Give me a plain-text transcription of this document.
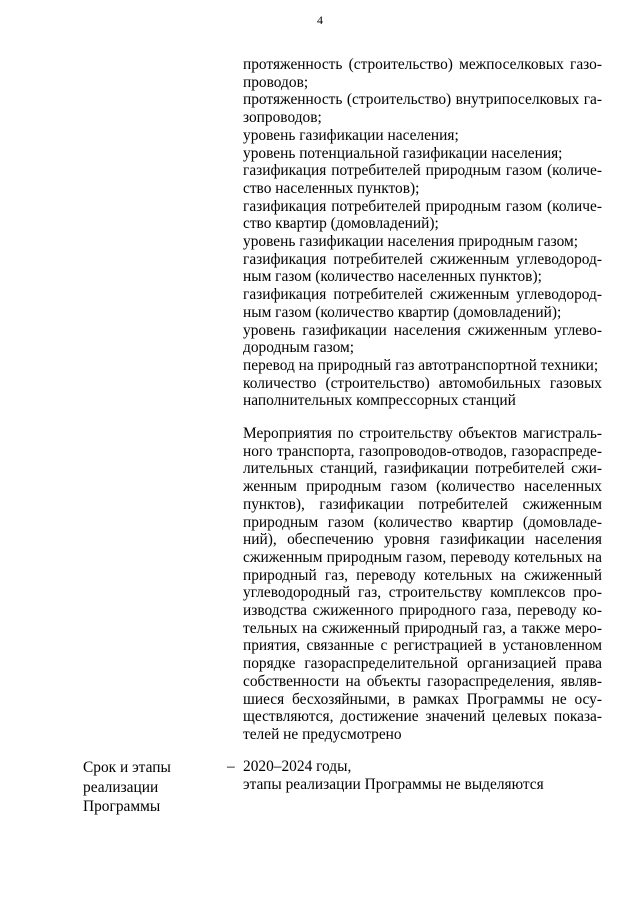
4
протяженность (строительство) межпоселковых газо-
проводов;
протяженность (строительство) внутрипоселковых га-
зопроводов;
уровень газификации населения;
уровень потенциальной газификации населения;
газификация потребителей природным газом (количе-
ство населенных пунктов);
газификация потребителей природным газом (количе-
ство квартир (домовладений);
уровень газификации населения природным газом;
газификация потребителей сжиженным углеводород-
ным газом (количество населенных пунктов);
газификация потребителей сжиженным углеводород-
ным газом (количество квартир (домовладений);
уровень газификации населения сжиженным углево-
дородным газом;
перевод на природный газ автотранспортной техники;
количество (строительство) автомобильных газовых
наполнительных компрессорных станций
Мероприятия по строительству объектов магистраль-
ного транспорта, газопроводов-отводов, газораспреде-
лительных станций, газификации потребителей сжи-
женным природным газом (количество населенных
пунктов), газификации потребителей сжиженным
природным газом (количество квартир (домовладе-
ний), обеспечению уровня газификации населения
сжиженным природным газом, переводу котельных на
природный газ, переводу котельных на сжиженный
углеводородный газ, строительству комплексов про-
изводства сжиженного природного газа, переводу ко-
тельных на сжиженный природный газ, а также меро-
приятия, связанные с регистрацией в установленном
порядке газораспределительной организацией права
собственности на объекты газораспределения, являв-
шиеся бесхозяйными, в рамках Программы не осу-
ществляются, достижение значений целевых показа-
телей не предусмотрено
Срок и этапы
реализации
Программы
– 2020–2024 годы,
этапы реализации Программы не выделяются
